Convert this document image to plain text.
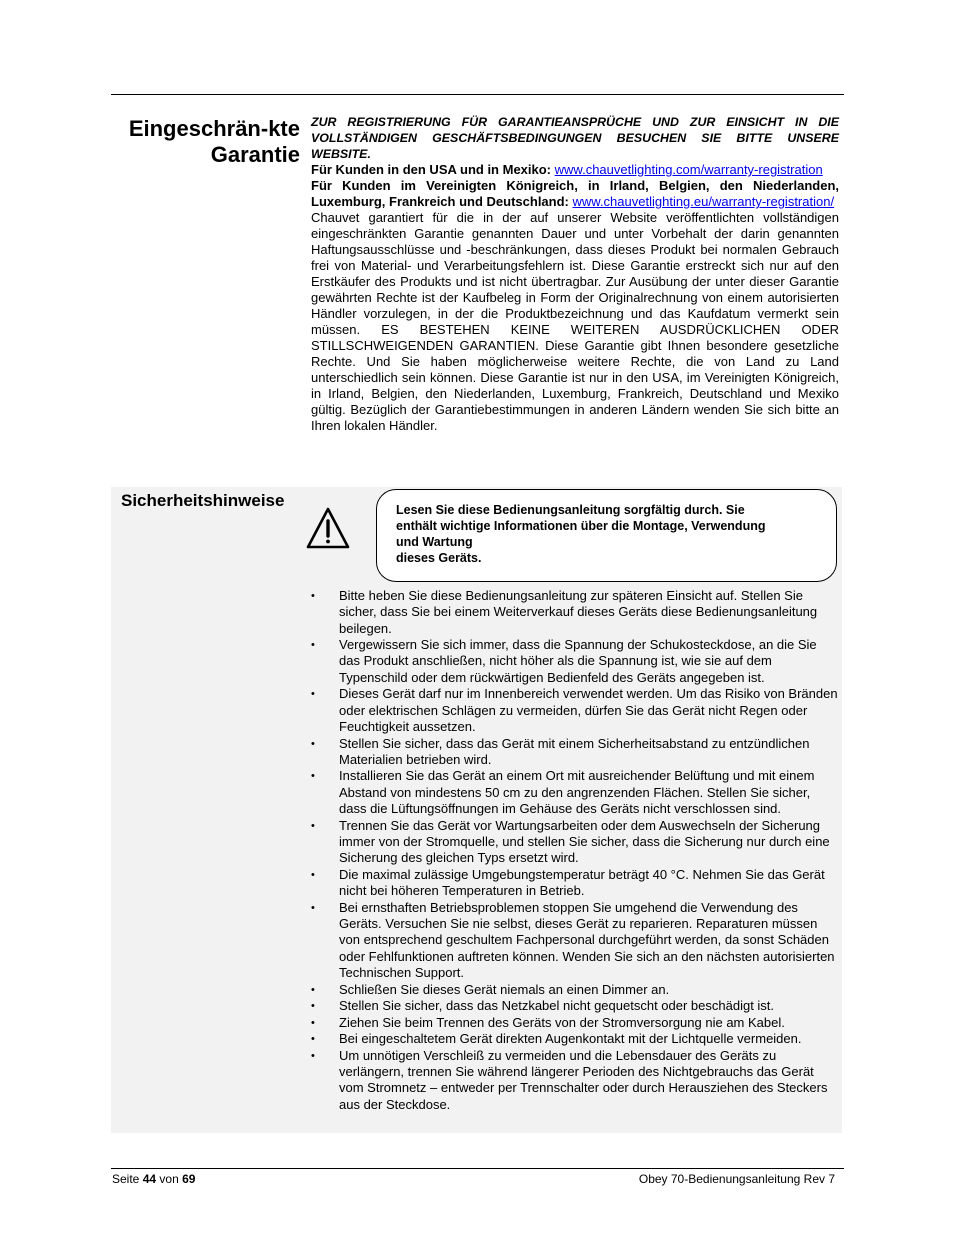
Eingeschrän-kte
Garantie

ZUR REGISTRIERUNG FÜR GARANTIEANSPRÜCHE UND ZUR EINSICHT IN DIE VOLLSTÄNDIGEN GESCHÄFTSBEDINGUNGEN BESUCHEN SIE BITTE UNSERE WEBSITE.

Für Kunden in den USA und in Mexiko: www.chauvetlighting.com/warranty-registration

Für Kunden im Vereinigten Königreich, in Irland, Belgien, den Niederlanden, Luxemburg, Frankreich und Deutschland: www.chauvetlighting.eu/warranty-registration/

Chauvet garantiert für die in der auf unserer Website veröffentlichten vollständigen eingeschränkten Garantie genannten Dauer und unter Vorbehalt der darin genannten Haftungsausschlüsse und -beschränkungen, dass dieses Produkt bei normalen Gebrauch frei von Material- und Verarbeitungsfehlern ist. Diese Garantie erstreckt sich nur auf den Erstkäufer des Produkts und ist nicht übertragbar. Zur Ausübung der unter dieser Garantie gewährten Rechte ist der Kaufbeleg in Form der Originalrechnung von einem autorisierten Händler vorzulegen, in der die Produktbezeichnung und das Kaufdatum vermerkt sein müssen. ES BESTEHEN KEINE WEITEREN AUSDRÜCKLICHEN ODER STILLSCHWEIGENDEN GARANTIEN. Diese Garantie gibt Ihnen besondere gesetzliche Rechte. Und Sie haben möglicherweise weitere Rechte, die von Land zu Land unterschiedlich sein können. Diese Garantie ist nur in den USA, im Vereinigten Königreich, in Irland, Belgien, den Niederlanden, Luxemburg, Frankreich, Deutschland und Mexiko gültig. Bezüglich der Garantiebestimmungen in anderen Ländern wenden Sie sich bitte an Ihren lokalen Händler.

Sicherheitshinweise	Lesen Sie diese Bedienungsanleitung sorgfältig durch. Sie
enthält wichtige Informationen über die Montage, Verwendung
und Wartung
dieses Geräts.
•	Bitte heben Sie diese Bedienungsanleitung zur späteren Einsicht auf. Stellen Sie sicher, dass Sie bei einem Weiterverkauf dieses Geräts diese Bedienungsanleitung beilegen.
•	Vergewissern Sie sich immer, dass die Spannung der Schukosteckdose, an die Sie das Produkt anschließen, nicht höher als die Spannung ist, wie sie auf dem Typenschild oder dem rückwärtigen Bedienfeld des Geräts angegeben ist.
•	Dieses Gerät darf nur im Innenbereich verwendet werden. Um das Risiko von Bränden oder elektrischen Schlägen zu vermeiden, dürfen Sie das Gerät nicht Regen oder Feuchtigkeit aussetzen.
•	Stellen Sie sicher, dass das Gerät mit einem Sicherheitsabstand zu entzündlichen Materialien betrieben wird.
•	Installieren Sie das Gerät an einem Ort mit ausreichender Belüftung und mit einem Abstand von mindestens 50 cm zu den angrenzenden Flächen. Stellen Sie sicher, dass die Lüftungsöffnungen im Gehäuse des Geräts nicht verschlossen sind.
•	Trennen Sie das Gerät vor Wartungsarbeiten oder dem Auswechseln der Sicherung immer von der Stromquelle, und stellen Sie sicher, dass die Sicherung nur durch eine Sicherung des gleichen Typs ersetzt wird.
•	Die maximal zulässige Umgebungstemperatur beträgt 40 °C. Nehmen Sie das Gerät nicht bei höheren Temperaturen in Betrieb.
•	Bei ernsthaften Betriebsproblemen stoppen Sie umgehend die Verwendung des Geräts. Versuchen Sie nie selbst, dieses Gerät zu reparieren. Reparaturen müssen von entsprechend geschultem Fachpersonal durchgeführt werden, da sonst Schäden oder Fehlfunktionen auftreten können. Wenden Sie sich an den nächsten autorisierten Technischen Support.
•	Schließen Sie dieses Gerät niemals an einen Dimmer an.
•	Stellen Sie sicher, dass das Netzkabel nicht gequetscht oder beschädigt ist.
•	Ziehen Sie beim Trennen des Geräts von der Stromversorgung nie am Kabel.
•	Bei eingeschaltetem Gerät direkten Augenkontakt mit der Lichtquelle vermeiden.
•	Um unnötigen Verschleiß zu vermeiden und die Lebensdauer des Geräts zu verlängern, trennen Sie während längerer Perioden des Nichtgebrauchs das Gerät vom Stromnetz – entweder per Trennschalter oder durch Herausziehen des Steckers aus der Steckdose.
Seite 44 von 69	Obey 70-Bedienungsanleitung Rev 7
